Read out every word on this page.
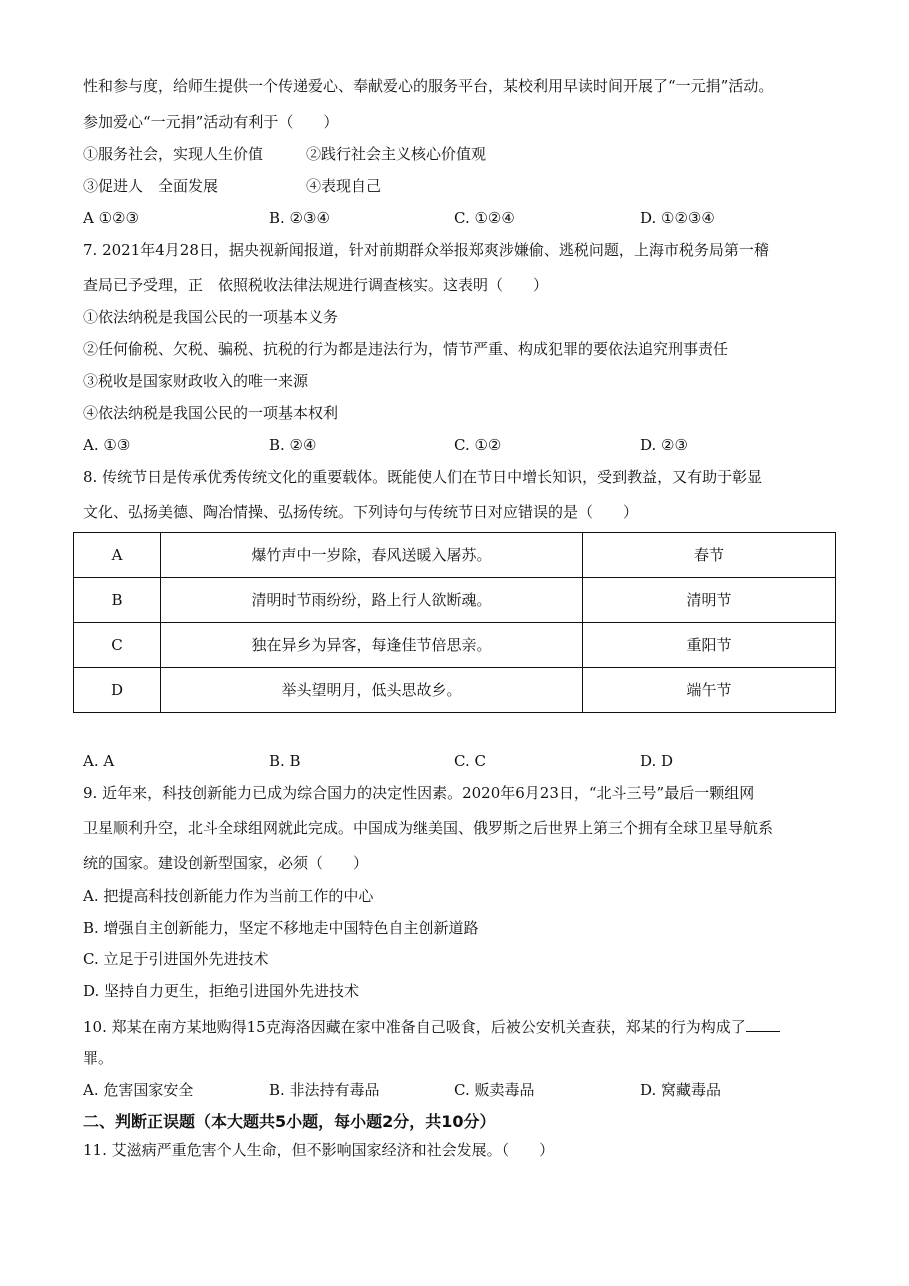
性和参与度，给师生提供一个传递爱心、奉献爱心的服务平台，某校利用早读时间开展了“一元捐”活动。
参加爱心“一元捐”活动有利于（　　）
①服务社会，实现人生价值	②践行社会主义核心价值观
③促进人　全面发展	④表现自己
A ①②③	B. ②③④	C. ①②④	D. ①②③④
7. 2021年4月28日，据央视新闻报道，针对前期群众举报郑爽涉嫌偷、逃税问题，上海市税务局第一稽
查局已予受理，正　依照税收法律法规进行调查核实。这表明（　　）
①依法纳税是我国公民的一项基本义务
②任何偷税、欠税、骗税、抗税的行为都是违法行为，情节严重、构成犯罪的要依法追究刑事责任
③税收是国家财政收入的唯一来源
④依法纳税是我国公民的一项基本权利
A. ①③	B. ②④	C. ①②	D. ②③
8. 传统节日是传承优秀传统文化的重要载体。既能使人们在节日中增长知识，受到教益，又有助于彰显
文化、弘扬美德、陶冶情操、弘扬传统。下列诗句与传统节日对应错误的是（　　）
A	爆竹声中一岁除，春风送暖入屠苏。	春节
B	清明时节雨纷纷，路上行人欲断魂。	清明节
C	独在异乡为异客，每逢佳节倍思亲。	重阳节
D	举头望明月，低头思故乡。	端午节
A. A	B. B	C. C	D. D
9. 近年来，科技创新能力已成为综合国力的决定性因素。2020年6月23日，“北斗三号”最后一颗组网
卫星顺利升空，北斗全球组网就此完成。中国成为继美国、俄罗斯之后世界上第三个拥有全球卫星导航系
统的国家。建设创新型国家，必须（　　）
A. 把提高科技创新能力作为当前工作的中心
B. 增强自主创新能力，坚定不移地走中国特色自主创新道路
C. 立足于引进国外先进技术
D. 坚持自力更生，拒绝引进国外先进技术
10. 郑某在南方某地购得15克海洛因藏在家中准备自己吸食，后被公安机关查获，郑某的行为构成了
罪。
A. 危害国家安全	B. 非法持有毒品	C. 贩卖毒品	D. 窝藏毒品
二、判断正误题（本大题共5小题，每小题2分，共10分）
11. 艾滋病严重危害个人生命，但不影响国家经济和社会发展。（　　）
